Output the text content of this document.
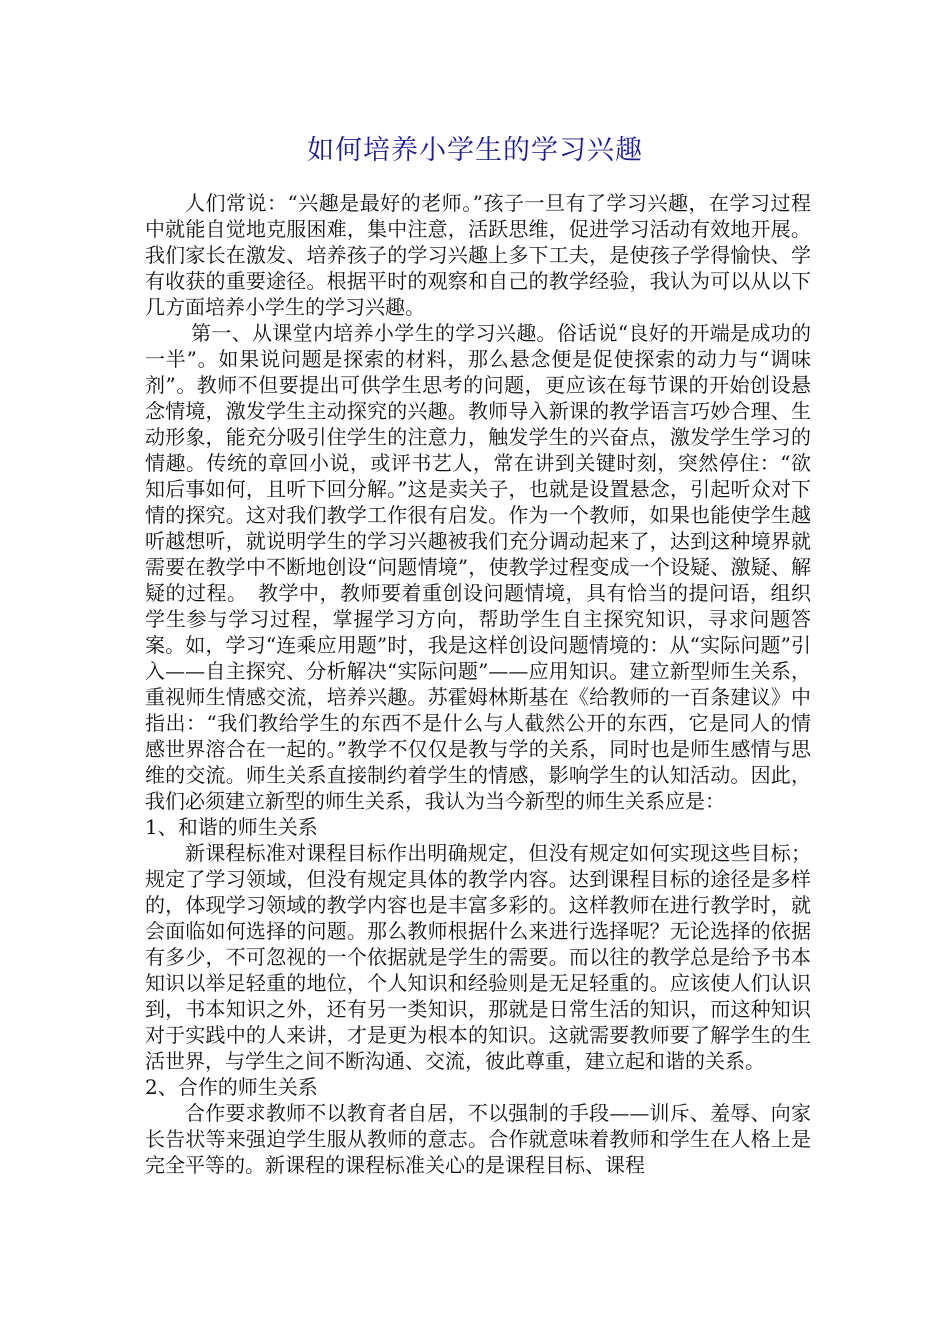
如何培养小学生的学习兴趣

人们常说：“兴趣是最好的老师。”孩子一旦有了学习兴趣，在学习过程中就能自觉地克服困难，集中注意，活跃思维，促进学习活动有效地开展。我们家长在激发、培养孩子的学习兴趣上多下工夫，是使孩子学得愉快、学有收获的重要途径。根据平时的观察和自己的教学经验，我认为可以从以下几方面培养小学生的学习兴趣。

第一、从课堂内培养小学生的学习兴趣。俗话说“良好的开端是成功的一半”。如果说问题是探索的材料，那么悬念便是促使探索的动力与“调味剂”。教师不但要提出可供学生思考的问题，更应该在每节课的开始创设悬念情境，激发学生主动探究的兴趣。教师导入新课的教学语言巧妙合理、生动形象，能充分吸引住学生的注意力，触发学生的兴奋点，激发学生学习的情趣。传统的章回小说，或评书艺人，常在讲到关键时刻，突然停住：“欲知后事如何，且听下回分解。”这是卖关子，也就是设置悬念，引起听众对下情的探究。这对我们教学工作很有启发。作为一个教师，如果也能使学生越听越想听，就说明学生的学习兴趣被我们充分调动起来了，达到这种境界就需要在教学中不断地创设“问题情境”，使教学过程变成一个设疑、激疑、解疑的过程。　教学中，教师要着重创设问题情境，具有恰当的提问语，组织学生参与学习过程，掌握学习方向，帮助学生自主探究知识，寻求问题答案。如，学习“连乘应用题”时，我是这样创设问题情境的：从“实际问题”引入——自主探究、分析解决“实际问题”——应用知识。建立新型师生关系，重视师生情感交流，培养兴趣。苏霍姆林斯基在《给教师的一百条建议》中指出：“我们教给学生的东西不是什么与人截然公开的东西，它是同人的情感世界溶合在一起的。”教学不仅仅是教与学的关系，同时也是师生感情与思维的交流。师生关系直接制约着学生的情感，影响学生的认知活动。因此，我们必须建立新型的师生关系，我认为当今新型的师生关系应是：

1、和谐的师生关系

新课程标准对课程目标作出明确规定，但没有规定如何实现这些目标；规定了学习领域，但没有规定具体的教学内容。达到课程目标的途径是多样的，体现学习领域的教学内容也是丰富多彩的。这样教师在进行教学时，就会面临如何选择的问题。那么教师根据什么来进行选择呢？无论选择的依据有多少，不可忽视的一个依据就是学生的需要。而以往的教学总是给予书本知识以举足轻重的地位，个人知识和经验则是无足轻重的。应该使人们认识到，书本知识之外，还有另一类知识，那就是日常生活的知识，而这种知识对于实践中的人来讲，才是更为根本的知识。这就需要教师要了解学生的生活世界，与学生之间不断沟通、交流，彼此尊重，建立起和谐的关系。

2、合作的师生关系

合作要求教师不以教育者自居，不以强制的手段——训斥、羞辱、向家长告状等来强迫学生服从教师的意志。合作就意味着教师和学生在人格上是完全平等的。新课程的课程标准关心的是课程目标、课程
